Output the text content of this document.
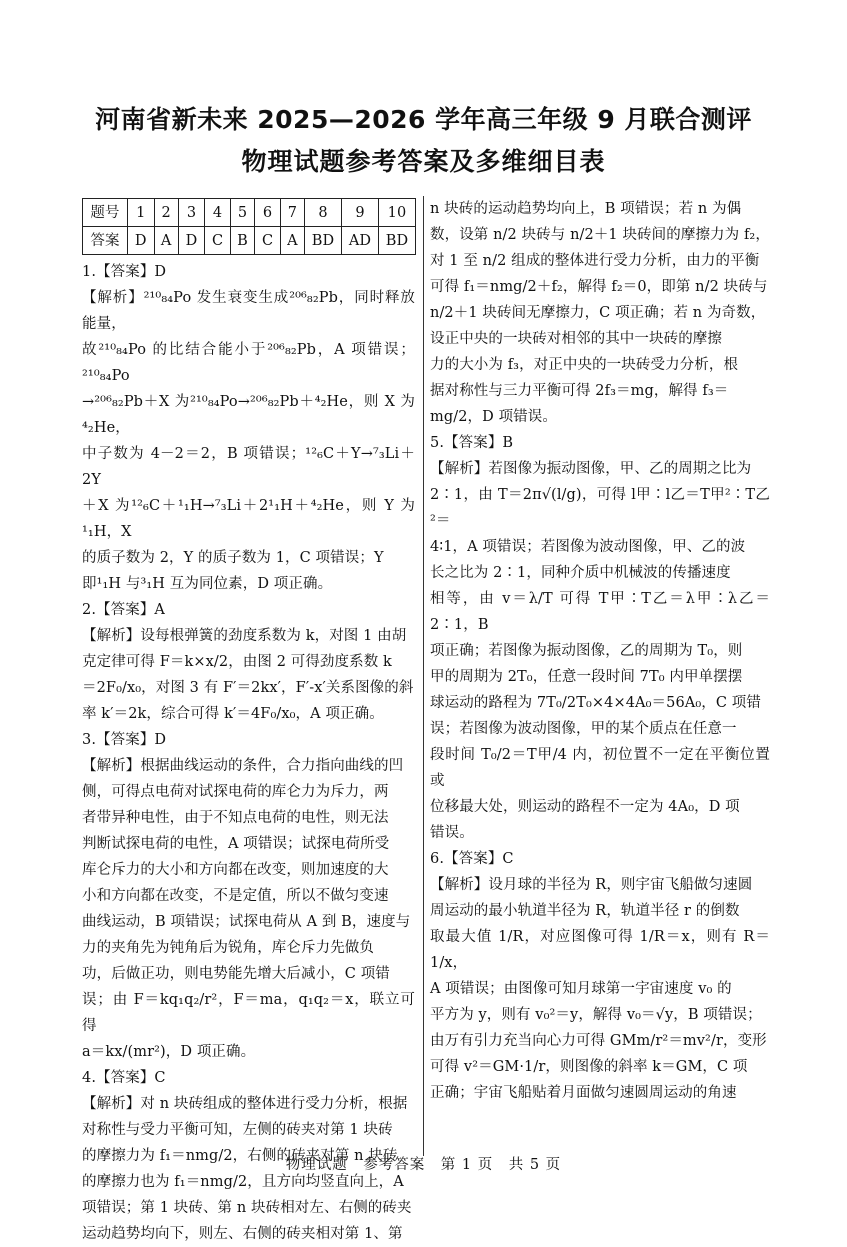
河南省新未来 2025—2026 学年高三年级 9 月联合测评
物理试题参考答案及多维细目表
题号	1	2	3	4	5	6	7	8	9	10
答案	D	A	D	C	B	C	A	BD	AD	BD
1.【答案】D
【解析】²¹⁰₈₄Po 发生衰变生成²⁰⁶₈₂Pb，同时释放能量，
故²¹⁰₈₄Po 的比结合能小于²⁰⁶₈₂Pb，A 项错误；²¹⁰₈₄Po
→²⁰⁶₈₂Pb＋X 为²¹⁰₈₄Po→²⁰⁶₈₂Pb＋⁴₂He，则 X 为⁴₂He，
中子数为 4－2＝2，B 项错误；¹²₆C＋Y→⁷₃Li＋2Y
＋X 为¹²₆C＋¹₁H→⁷₃Li＋2¹₁H＋⁴₂He，则 Y 为¹₁H，X
的质子数为 2，Y 的质子数为 1，C 项错误；Y
即¹₁H 与³₁H 互为同位素，D 项正确。
2.【答案】A
【解析】设每根弹簧的劲度系数为 k，对图 1 由胡
克定律可得 F＝k×x/2，由图 2 可得劲度系数 k
＝2F₀/x₀，对图 3 有 F′＝2kx′，F′-x′关系图像的斜
率 k′＝2k，综合可得 k′＝4F₀/x₀，A 项正确。
3.【答案】D
【解析】根据曲线运动的条件，合力指向曲线的凹
侧，可得点电荷对试探电荷的库仑力为斥力，两
者带异种电性，由于不知点电荷的电性，则无法
判断试探电荷的电性，A 项错误；试探电荷所受
库仑斥力的大小和方向都在改变，则加速度的大
小和方向都在改变，不是定值，所以不做匀变速
曲线运动，B 项错误；试探电荷从 A 到 B，速度与
力的夹角先为钝角后为锐角，库仑斥力先做负
功，后做正功，则电势能先增大后减小，C 项错
误；由 F＝kq₁q₂/r²，F＝ma，q₁q₂＝x，联立可得
a＝kx/(mr²)，D 项正确。
4.【答案】C
【解析】对 n 块砖组成的整体进行受力分析，根据
对称性与受力平衡可知，左侧的砖夹对第 1 块砖
的摩擦力为 f₁＝nmg/2，右侧的砖夹对第 n 块砖
的摩擦力也为 f₁＝nmg/2，且方向均竖直向上，A
项错误；第 1 块砖、第 n 块砖相对左、右侧的砖夹
运动趋势均向下，则左、右侧的砖夹相对第 1、第
n 块砖的运动趋势均向上，B 项错误；若 n 为偶
数，设第 n/2 块砖与 n/2＋1 块砖间的摩擦力为 f₂，
对 1 至 n/2 组成的整体进行受力分析，由力的平衡
可得 f₁＝nmg/2＋f₂，解得 f₂＝0，即第 n/2 块砖与
n/2＋1 块砖间无摩擦力，C 项正确；若 n 为奇数，
设正中央的一块砖对相邻的其中一块砖的摩擦
力的大小为 f₃，对正中央的一块砖受力分析，根
据对称性与三力平衡可得 2f₃＝mg，解得 f₃＝
mg/2，D 项错误。
5.【答案】B
【解析】若图像为振动图像，甲、乙的周期之比为
2∶1，由 T＝2π√(l/g)，可得 l甲∶l乙＝T甲²∶T乙²＝
4∶1，A 项错误；若图像为波动图像，甲、乙的波
长之比为 2∶1，同种介质中机械波的传播速度
相等，由 v＝λ/T 可得 T甲∶T乙＝λ甲∶λ乙＝2∶1，B
项正确；若图像为振动图像，乙的周期为 T₀，则
甲的周期为 2T₀，任意一段时间 7T₀ 内甲单摆摆
球运动的路程为 7T₀/2T₀×4×4A₀＝56A₀，C 项错
误；若图像为波动图像，甲的某个质点在任意一
段时间 T₀/2＝T甲/4 内，初位置不一定在平衡位置或
位移最大处，则运动的路程不一定为 4A₀，D 项
错误。
6.【答案】C
【解析】设月球的半径为 R，则宇宙飞船做匀速圆
周运动的最小轨道半径为 R，轨道半径 r 的倒数
取最大值 1/R，对应图像可得 1/R＝x，则有 R＝1/x，
A 项错误；由图像可知月球第一宇宙速度 v₀ 的
平方为 y，则有 v₀²＝y，解得 v₀＝√y，B 项错误；
由万有引力充当向心力可得 GMm/r²＝mv²/r，变形
可得 v²＝GM·1/r，则图像的斜率 k＝GM，C 项
正确；宇宙飞船贴着月面做匀速圆周运动的角速
物理试题　参考答案　第 1 页　共 5 页
